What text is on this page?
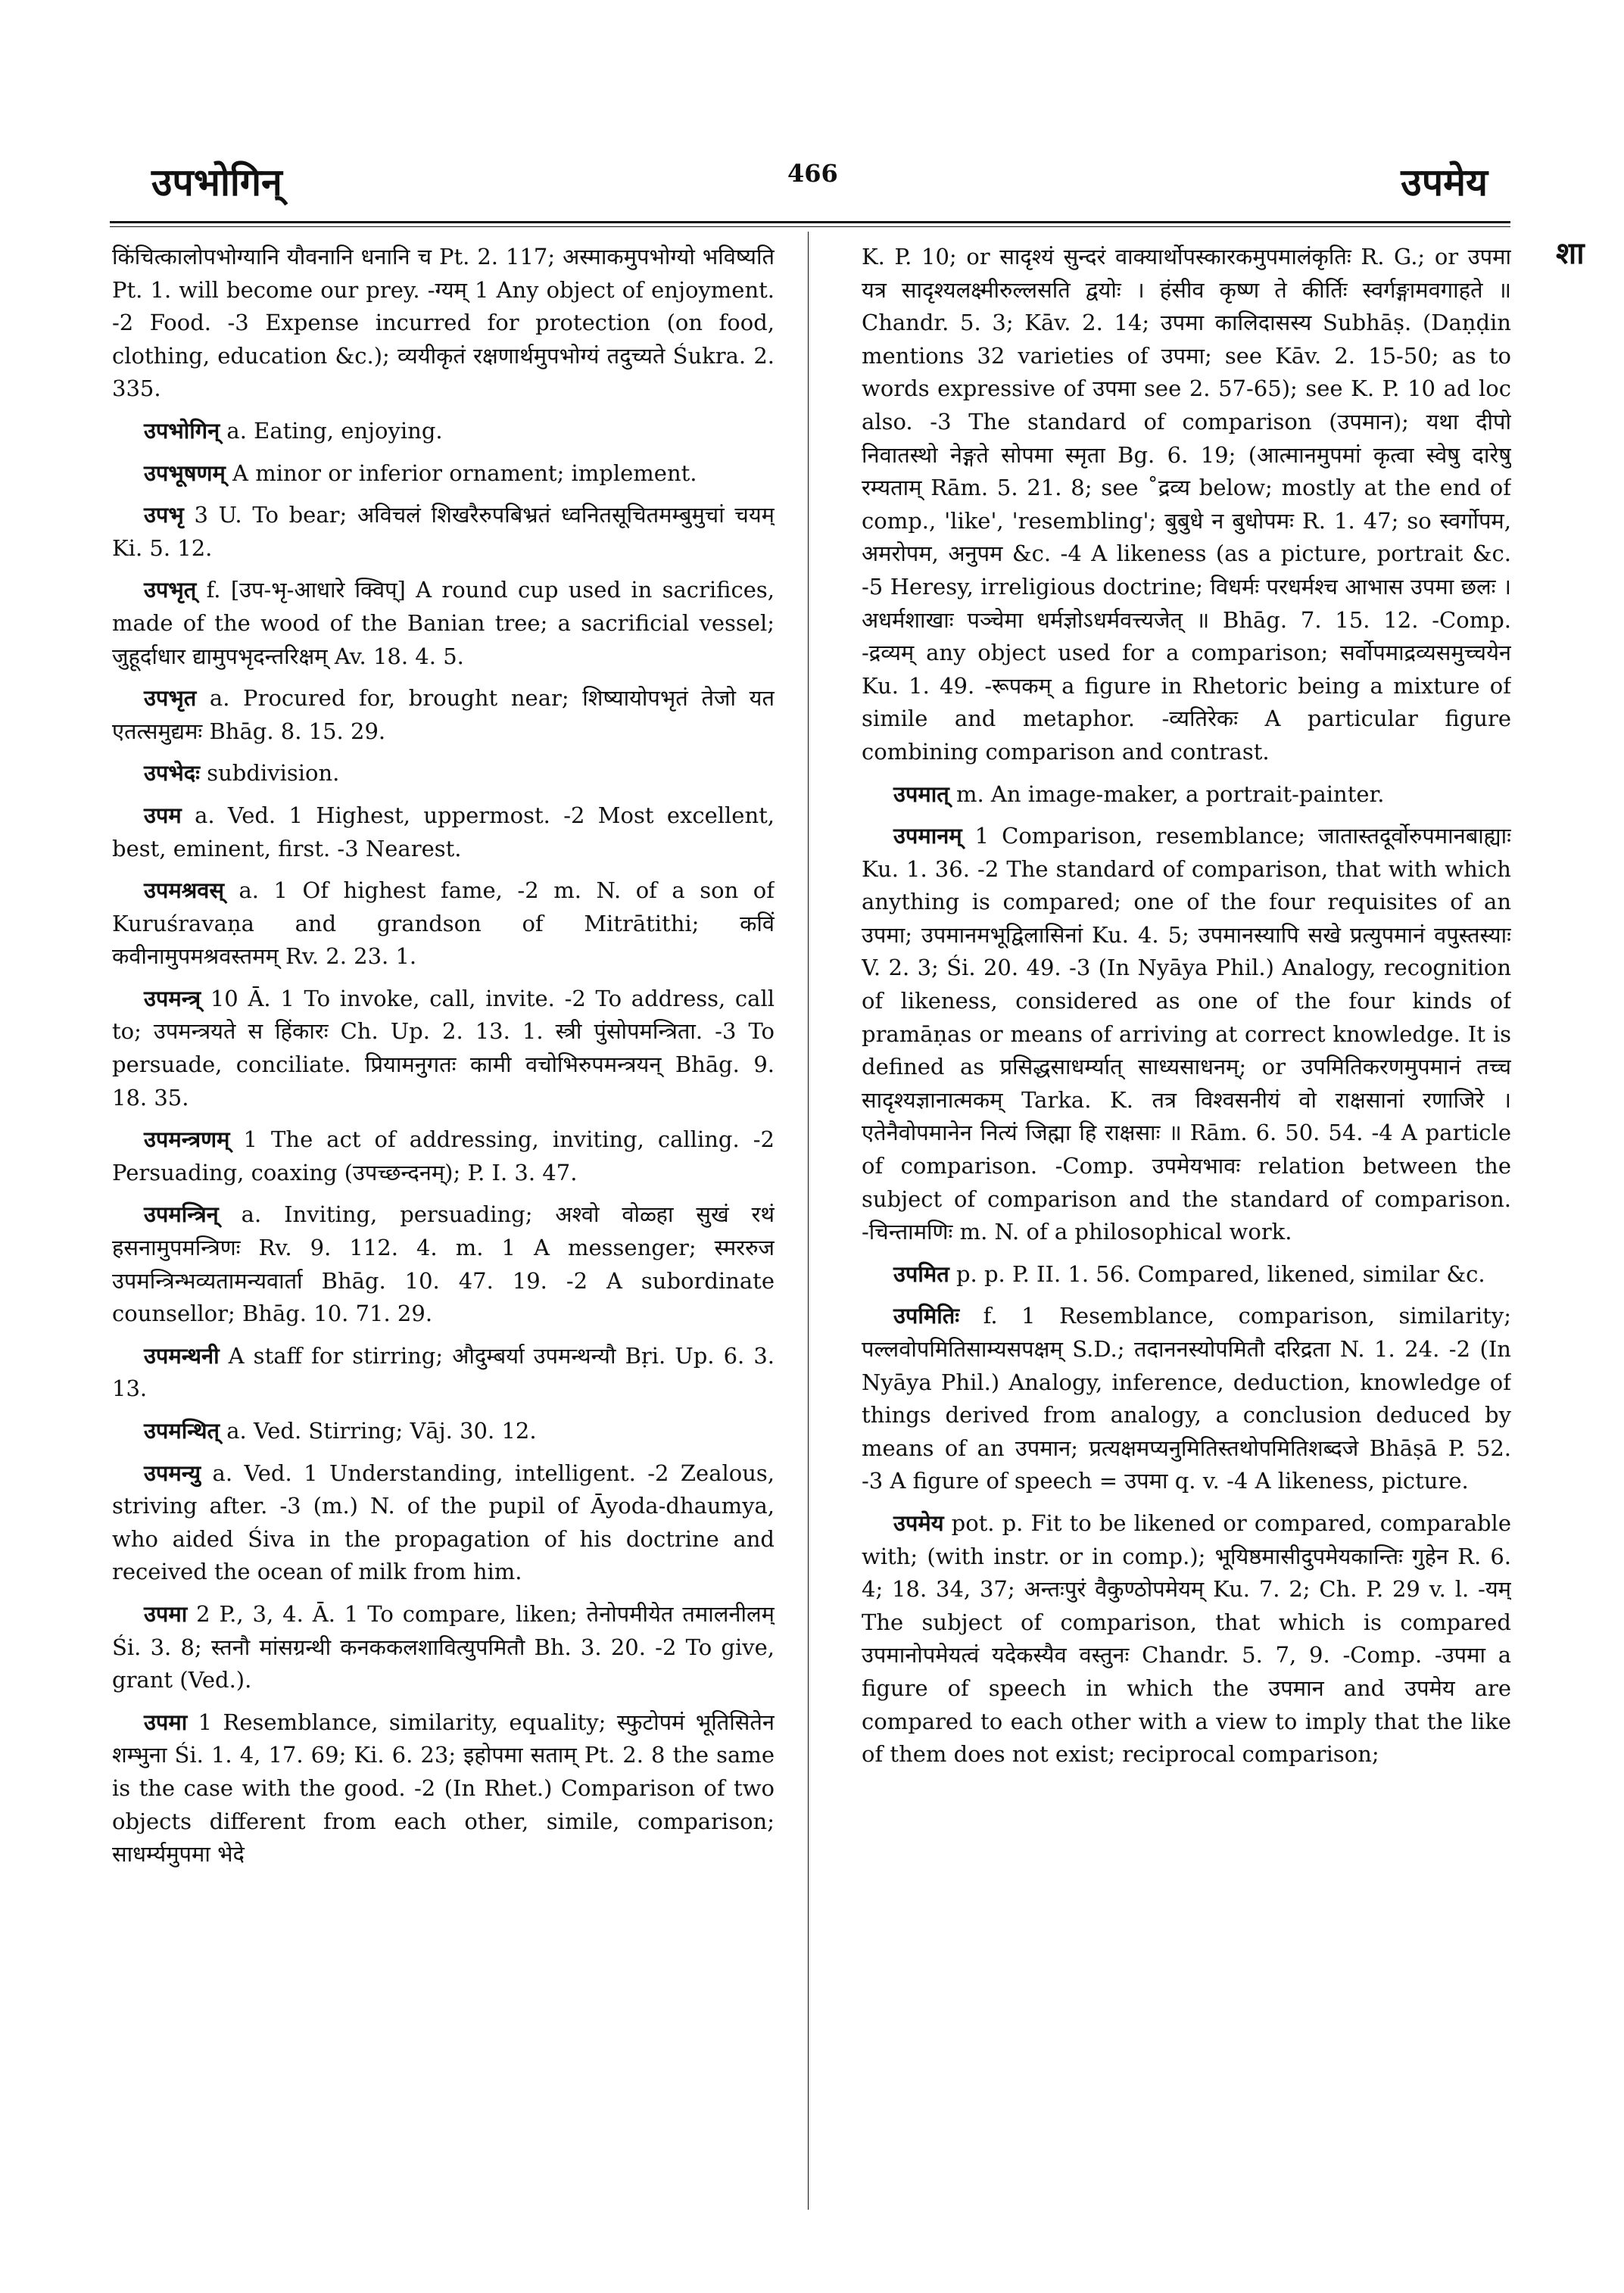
उपभोगिन्	466	उपमेय
शा

किंचित्कालोपभोग्यानि यौवनानि धनानि च Pt. 2. 117; अस्माकमुपभोग्यो भविष्यति Pt. 1. will become our prey. -ग्यम् 1 Any object of enjoyment. -2 Food. -3 Expense incurred for protection (on food, clothing, education &c.); व्ययीकृतं रक्षणार्थमुपभोग्यं तदुच्यते Śukra. 2. 335.

उपभोगिन् a. Eating, enjoying.

उपभूषणम् A minor or inferior ornament; implement.

उपभृ 3 U. To bear; अविचलं शिखरैरुपबिभ्रतं ध्वनितसूचितमम्बुमुचां चयम् Ki. 5. 12.

उपभृत् f. [उप-भृ-आधारे क्विप्] A round cup used in sacrifices, made of the wood of the Banian tree; a sacrificial vessel; जुहूर्दाधार द्यामुपभृदन्तरिक्षम् Av. 18. 4. 5.

उपभृत a. Procured for, brought near; शिष्यायोपभृतं तेजो यत एतत्समुद्यमः Bhāg. 8. 15. 29.

उपभेदः subdivision.

उपम a. Ved. 1 Highest, uppermost. -2 Most excellent, best, eminent, first. -3 Nearest.

उपमश्रवस् a. 1 Of highest fame, -2 m. N. of a son of Kuruśravaṇa and grandson of Mitrātithi; कविं कवीनामुपमश्रवस्तमम् Rv. 2. 23. 1.

उपमन्त्र् 10 Ā. 1 To invoke, call, invite. -2 To address, call to; उपमन्त्रयते स हिंकारः Ch. Up. 2. 13. 1. स्त्री पुंसोपमन्त्रिता. -3 To persuade, conciliate. प्रियामनुगतः कामी वचोभिरुपमन्त्रयन् Bhāg. 9. 18. 35.

उपमन्त्रणम् 1 The act of addressing, inviting, calling. -2 Persuading, coaxing (उपच्छन्दनम्); P. I. 3. 47.

उपमन्त्रिन् a. Inviting, persuading; अश्वो वोळ्हा सुखं रथं हसनामुपमन्त्रिणः Rv. 9. 112. 4. m. 1 A messenger; स्मररुज उपमन्त्रिन्भव्यतामन्यवार्ता Bhāg. 10. 47. 19. -2 A subordinate counsellor; Bhāg. 10. 71. 29.

उपमन्थनी A staff for stirring; औदुम्बर्या उपमन्थन्यौ Bṛi. Up. 6. 3. 13.

उपमन्थित् a. Ved. Stirring; Vāj. 30. 12.

उपमन्यु a. Ved. 1 Understanding, intelligent. -2 Zealous, striving after. -3 (m.) N. of the pupil of Āyoda-dhaumya, who aided Śiva in the propagation of his doctrine and received the ocean of milk from him.

उपमा 2 P., 3, 4. Ā. 1 To compare, liken; तेनोपमीयेत तमालनीलम् Śi. 3. 8; स्तनौ मांसग्रन्थी कनककलशावित्युपमितौ Bh. 3. 20. -2 To give, grant (Ved.).

उपमा 1 Resemblance, similarity, equality; स्फुटोपमं भूतिसितेन शम्भुना Śi. 1. 4, 17. 69; Ki. 6. 23; इहोपमा सताम् Pt. 2. 8 the same is the case with the good. -2 (In Rhet.) Comparison of two objects different from each other, simile, comparison; साधर्म्यमुपमा भेदे

K. P. 10; or सादृश्यं सुन्दरं वाक्यार्थोपस्कारकमुपमालंकृतिः R. G.; or उपमा यत्र सादृश्यलक्ष्मीरुल्लसति द्वयोः । हंसीव कृष्ण ते कीर्तिः स्वर्गङ्गामवगाहते ॥ Chandr. 5. 3; Kāv. 2. 14; उपमा कालिदासस्य Subhāṣ. (Daṇḍin mentions 32 varieties of उपमा; see Kāv. 2. 15-50; as to words expressive of उपमा see 2. 57-65); see K. P. 10 ad loc also. -3 The standard of comparison (उपमान); यथा दीपो निवातस्थो नेङ्गते सोपमा स्मृता Bg. 6. 19; (आत्मानमुपमां कृत्वा स्वेषु दारेषु रम्यताम् Rām. 5. 21. 8; see ˚द्रव्य below; mostly at the end of comp., 'like', 'resembling'; बुबुधे न बुधोपमः R. 1. 47; so स्वर्गोपम, अमरोपम, अनुपम &c. -4 A likeness (as a picture, portrait &c. -5 Heresy, irreligious doctrine; विधर्मः परधर्मश्च आभास उपमा छलः । अधर्मशाखाः पञ्चेमा धर्मज्ञोऽधर्मवत्त्यजेत् ॥ Bhāg. 7. 15. 12. -Comp. -द्रव्यम् any object used for a comparison; सर्वोपमाद्रव्यसमुच्चयेन Ku. 1. 49. -रूपकम् a figure in Rhetoric being a mixture of simile and metaphor. -व्यतिरेकः A particular figure combining comparison and contrast.

उपमात् m. An image-maker, a portrait-painter.

उपमानम् 1 Comparison, resemblance; जातास्तदूर्वोरुपमानबाह्याः Ku. 1. 36. -2 The standard of comparison, that with which anything is compared; one of the four requisites of an उपमा; उपमानमभूद्विलासिनां Ku. 4. 5; उपमानस्यापि सखे प्रत्युपमानं वपुस्तस्याः V. 2. 3; Śi. 20. 49. -3 (In Nyāya Phil.) Analogy, recognition of likeness, considered as one of the four kinds of pramāṇas or means of arriving at correct knowledge. It is defined as प्रसिद्धसाधर्म्यात् साध्यसाधनम्; or उपमितिकरणमुपमानं तच्च सादृश्यज्ञानात्मकम् Tarka. K. तत्र विश्वसनीयं वो राक्षसानां रणाजिरे । एतेनैवोपमानेन नित्यं जिह्मा हि राक्षसाः ॥ Rām. 6. 50. 54. -4 A particle of comparison. -Comp. उपमेयभावः relation between the subject of comparison and the standard of comparison. -चिन्तामणिः m. N. of a philosophical work.

उपमित p. p. P. II. 1. 56. Compared, likened, similar &c.

उपमितिः f. 1 Resemblance, comparison, similarity; पल्लवोपमितिसाम्यसपक्षम् S.D.; तदाननस्योपमितौ दरिद्रता N. 1. 24. -2 (In Nyāya Phil.) Analogy, inference, deduction, knowledge of things derived from analogy, a conclusion deduced by means of an उपमान; प्रत्यक्षमप्यनुमितिस्तथोपमितिशब्दजे Bhāṣā P. 52. -3 A figure of speech = उपमा q. v. -4 A likeness, picture.

उपमेय pot. p. Fit to be likened or compared, comparable with; (with instr. or in comp.); भूयिष्ठमासीदुपमेयकान्तिः गुहेन R. 6. 4; 18. 34, 37; अन्तःपुरं वैकुण्ठोपमेयम् Ku. 7. 2; Ch. P. 29 v. l. -यम् The subject of comparison, that which is compared उपमानोपमेयत्वं यदेकस्यैव वस्तुनः Chandr. 5. 7, 9. -Comp. -उपमा a figure of speech in which the उपमान and उपमेय are compared to each other with a view to imply that the like of them does not exist; reciprocal comparison;
